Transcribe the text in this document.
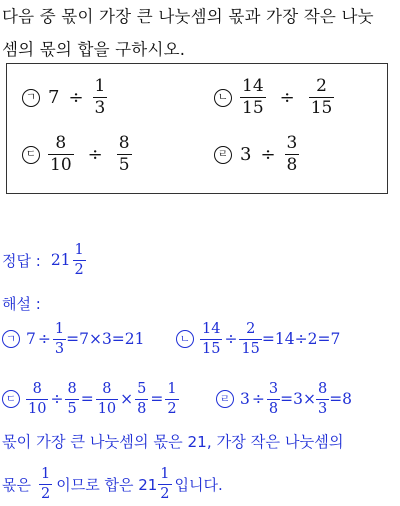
다음 중 몫이 가장 큰 나눗셈의 몫과 가장 작은 나눗
셈의 몫의 합을 구하시오.
ㄱ $7 \div \frac{1}{3}$	ㄴ $\frac{14}{15} \div \frac{2}{15}$
ㄷ $\frac{8}{10} \div \frac{8}{5}$	ㄹ $3 \div \frac{3}{8}$
정답 : $21 \frac{1}{2}$
해설 :
ㄱ $7 \div \frac{1}{3} =7\times 3=21$	ㄴ $\frac{14}{15} \div \frac{2}{15} =14\div 2=7$
ㄷ $\frac{8}{10} \div \frac{8}{5} = \frac{8}{10} \times \frac{5}{8} = \frac{1}{2}$	ㄹ $3 \div \frac{3}{8} =3\times \frac{8}{3} =8$
몫이 가장 큰 나눗셈의 몫은 21, 가장 작은 나눗셈의
몫은 $\frac{1}{2}$ 이므로 합은 $21 \frac{1}{2}$ 입니다.
